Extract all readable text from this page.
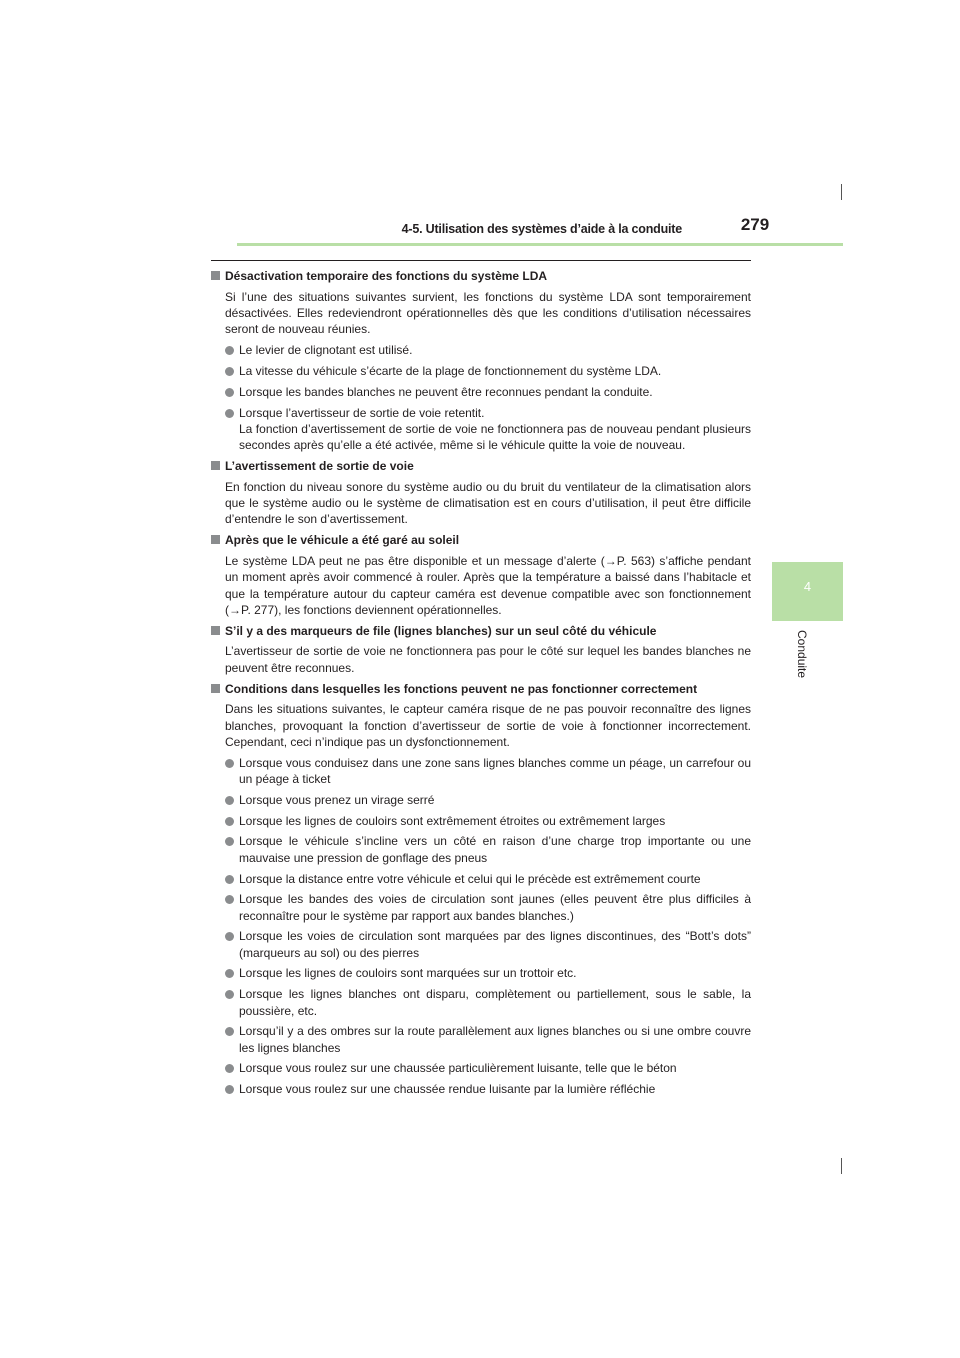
4-5. Utilisation des systèmes d’aide à la conduite	279
4
Conduite
Désactivation temporaire des fonctions du système LDA
Si l’une des situations suivantes survient, les fonctions du système LDA sont temporairement désactivées. Elles redeviendront opérationnelles dès que les conditions d’utilisation nécessaires seront de nouveau réunies.
Le levier de clignotant est utilisé.
La vitesse du véhicule s’écarte de la plage de fonctionnement du système LDA.
Lorsque les bandes blanches ne peuvent être reconnues pendant la conduite.
Lorsque l’avertisseur de sortie de voie retentit.
La fonction d’avertissement de sortie de voie ne fonctionnera pas de nouveau pendant plusieurs secondes après qu’elle a été activée, même si le véhicule quitte la voie de nouveau.
L’avertissement de sortie de voie
En fonction du niveau sonore du système audio ou du bruit du ventilateur de la climatisation alors que le système audio ou le système de climatisation est en cours d’utilisation, il peut être difficile d’entendre le son d’avertissement.
Après que le véhicule a été garé au soleil
Le système LDA peut ne pas être disponible et un message d’alerte (→P. 563) s’affiche pendant un moment après avoir commencé à rouler. Après que la température a baissé dans l’habitacle et que la température autour du capteur caméra est devenue compatible avec son fonctionnement (→P. 277), les fonctions deviennent opérationnelles.
S’il y a des marqueurs de file (lignes blanches) sur un seul côté du véhicule
L’avertisseur de sortie de voie ne fonctionnera pas pour le côté sur lequel les bandes blanches ne peuvent être reconnues.
Conditions dans lesquelles les fonctions peuvent ne pas fonctionner correctement
Dans les situations suivantes, le capteur caméra risque de ne pas pouvoir reconnaître des lignes blanches, provoquant la fonction d’avertisseur de sortie de voie à fonctionner incorrectement. Cependant, ceci n’indique pas un dysfonctionnement.
Lorsque vous conduisez dans une zone sans lignes blanches comme un péage, un carrefour ou un péage à ticket
Lorsque vous prenez un virage serré
Lorsque les lignes de couloirs sont extrêmement étroites ou extrêmement larges
Lorsque le véhicule s’incline vers un côté en raison d’une charge trop importante ou une mauvaise une pression de gonflage des pneus
Lorsque la distance entre votre véhicule et celui qui le précède est extrêmement courte
Lorsque les bandes des voies de circulation sont jaunes (elles peuvent être plus difficiles à reconnaître pour le système par rapport aux bandes blanches.)
Lorsque les voies de circulation sont marquées par des lignes discontinues, des “Bott’s dots” (marqueurs au sol) ou des pierres
Lorsque les lignes de couloirs sont marquées sur un trottoir etc.
Lorsque les lignes blanches ont disparu, complètement ou partiellement, sous le sable, la poussière, etc.
Lorsqu’il y a des ombres sur la route parallèlement aux lignes blanches ou si une ombre couvre les lignes blanches
Lorsque vous roulez sur une chaussée particulièrement luisante, telle que le béton
Lorsque vous roulez sur une chaussée rendue luisante par la lumière réfléchie
